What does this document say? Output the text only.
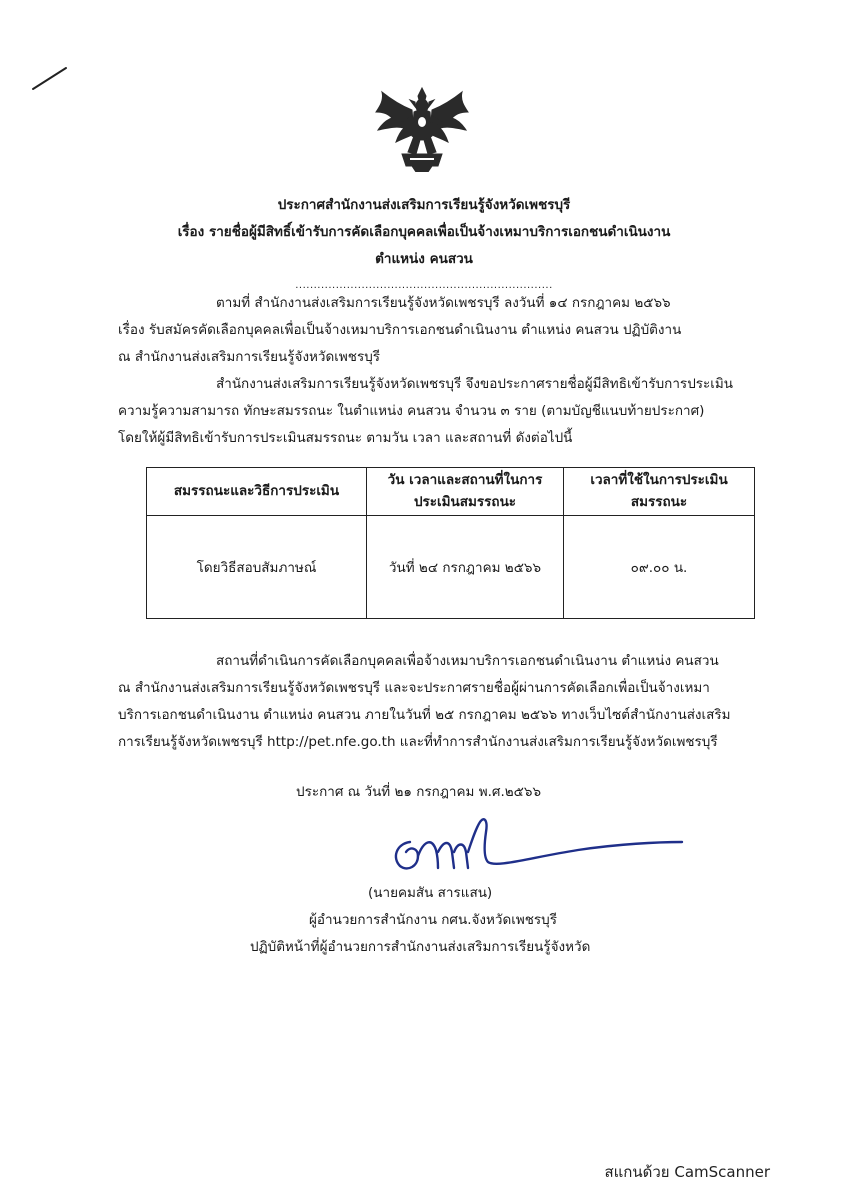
ประกาศสำนักงานส่งเสริมการเรียนรู้จังหวัดเพชรบุรี
เรื่อง รายชื่อผู้มีสิทธิ์เข้ารับการคัดเลือกบุคคลเพื่อเป็นจ้างเหมาบริการเอกชนดำเนินงาน
ตำแหน่ง คนสวน
......................................................................
ตามที่ สำนักงานส่งเสริมการเรียนรู้จังหวัดเพชรบุรี ลงวันที่ ๑๔ กรกฎาคม ๒๕๖๖
เรื่อง รับสมัครคัดเลือกบุคคลเพื่อเป็นจ้างเหมาบริการเอกชนดำเนินงาน ตำแหน่ง คนสวน ปฏิบัติงาน
ณ สำนักงานส่งเสริมการเรียนรู้จังหวัดเพชรบุรี
สำนักงานส่งเสริมการเรียนรู้จังหวัดเพชรบุรี จึงขอประกาศรายชื่อผู้มีสิทธิเข้ารับการประเมิน
ความรู้ความสามารถ ทักษะสมรรถนะ ในตำแหน่ง คนสวน จำนวน ๓ ราย (ตามบัญชีแนบท้ายประกาศ)
โดยให้ผู้มีสิทธิเข้ารับการประเมินสมรรถนะ ตามวัน เวลา และสถานที่ ดังต่อไปนี้
สมรรถนะและวิธีการประเมิน	วัน เวลาและสถานที่ในการ ประเมินสมรรถนะ	เวลาที่ใช้ในการประเมิน สมรรถนะ
โดยวิธีสอบสัมภาษณ์	วันที่ ๒๔ กรกฎาคม ๒๕๖๖	๐๙.๐๐ น.
สถานที่ดำเนินการคัดเลือกบุคคลเพื่อจ้างเหมาบริการเอกชนดำเนินงาน ตำแหน่ง คนสวน
ณ สำนักงานส่งเสริมการเรียนรู้จังหวัดเพชรบุรี และจะประกาศรายชื่อผู้ผ่านการคัดเลือกเพื่อเป็นจ้างเหมา
บริการเอกชนดำเนินงาน ตำแหน่ง คนสวน ภายในวันที่ ๒๕ กรกฎาคม ๒๕๖๖ ทางเว็บไซต์สำนักงานส่งเสริม
การเรียนรู้จังหวัดเพชรบุรี http://pet.nfe.go.th และที่ทำการสำนักงานส่งเสริมการเรียนรู้จังหวัดเพชรบุรี
ประกาศ ณ วันที่ ๒๑ กรกฎาคม พ.ศ.๒๕๖๖
(นายคมสัน สารแสน)
ผู้อำนวยการสำนักงาน กศน.จังหวัดเพชรบุรี
ปฏิบัติหน้าที่ผู้อำนวยการสำนักงานส่งเสริมการเรียนรู้จังหวัด
สแกนด้วย CamScanner
